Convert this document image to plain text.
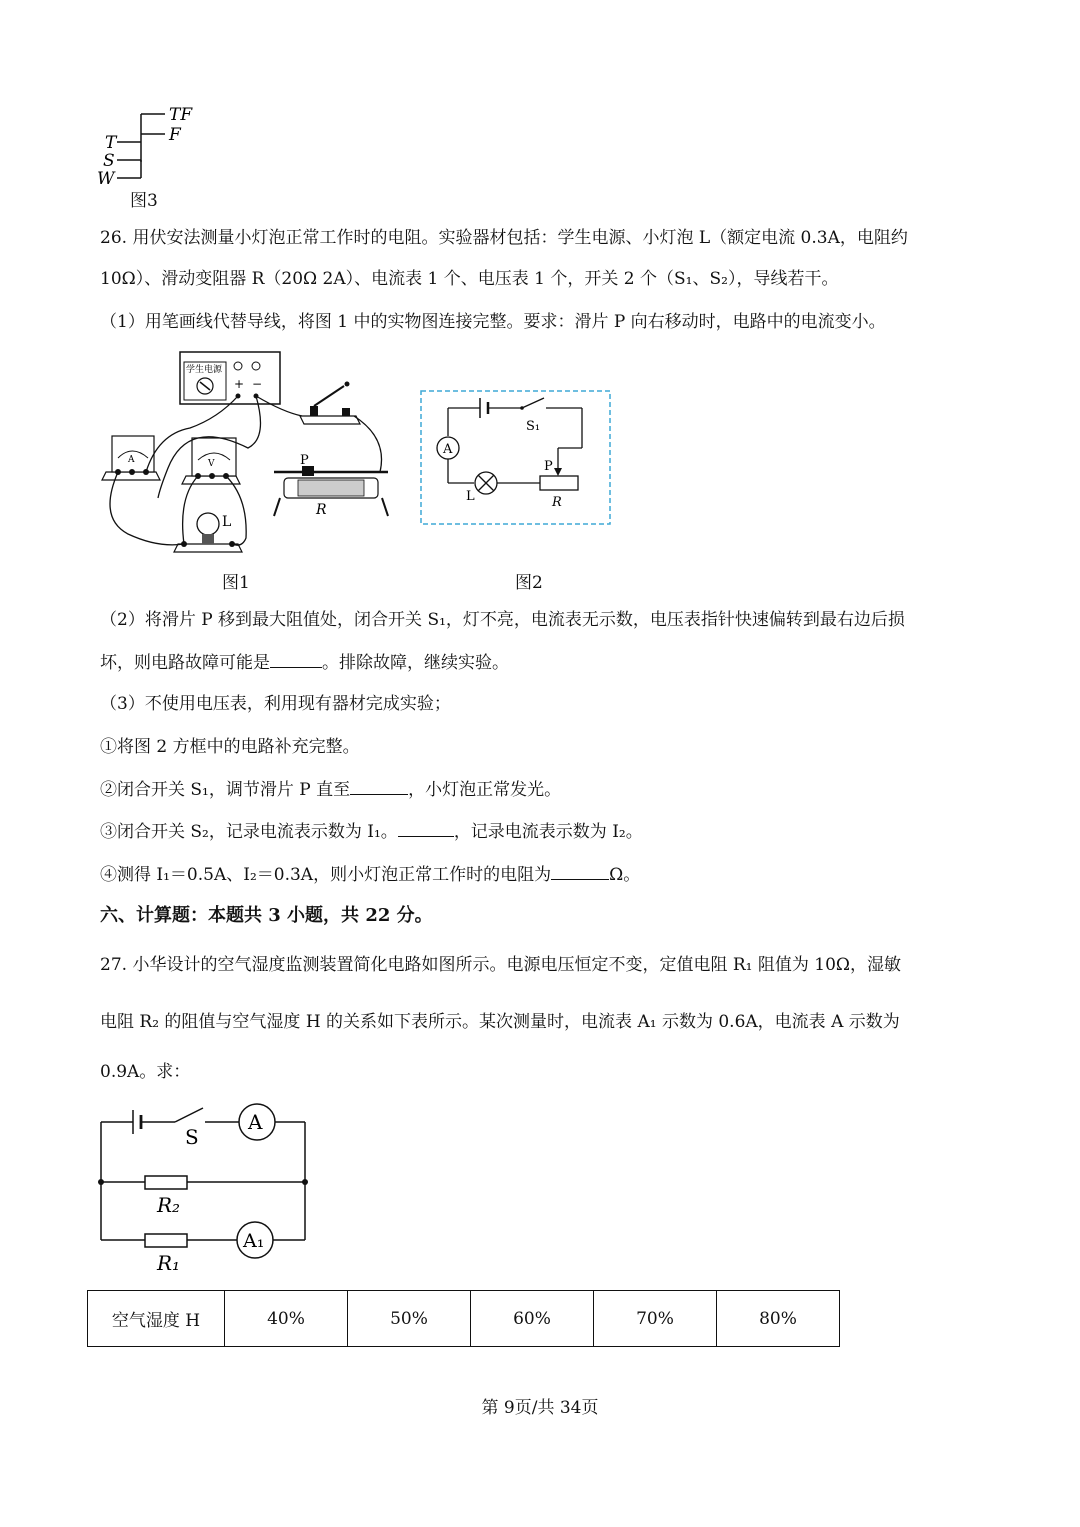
TF
F
T
S
W
图3
26. 用伏安法测量小灯泡正常工作时的电阻。实验器材包括：学生电源、小灯泡 L（额定电流 0.3A，电阻约
10Ω）、滑动变阻器 R（20Ω 2A）、电流表 1 个、电压表 1 个，开关 2 个（S₁、S₂），导线若干。
（1）用笔画线代替导线，将图 1 中的实物图连接完整。要求：滑片 P 向右移动时，电路中的电流变小。
学生电源
+ −
A	V	P
R
L
图1
S₁
P
R
L
A
图2
（2）将滑片 P 移到最大阻值处，闭合开关 S₁，灯不亮，电流表无示数，电压表指针快速偏转到最右边后损
坏，则电路故障可能是	。排除故障，继续实验。
（3）不使用电压表，利用现有器材完成实验；
①将图 2 方框中的电路补充完整。
②闭合开关 S₁，调节滑片 P 直至	，小灯泡正常发光。
③闭合开关 S₂，记录电流表示数为 I₁。	，记录电流表示数为 I₂。
④测得 I₁＝0.5A、I₂＝0.3A，则小灯泡正常工作时的电阻为	Ω。
六、计算题：本题共 3 小题，共 22 分。
27. 小华设计的空气湿度监测装置简化电路如图所示。电源电压恒定不变，定值电阻 R₁ 阻值为 10Ω，湿敏
电阻 R₂ 的阻值与空气湿度 H 的关系如下表所示。某次测量时，电流表 A₁ 示数为 0.6A，电流表 A 示数为
0.9A。求：
S
A
R₂
A₁
R₁
空气湿度 H	40%	50%	60%	70%	80%
第 9页/共 34页
